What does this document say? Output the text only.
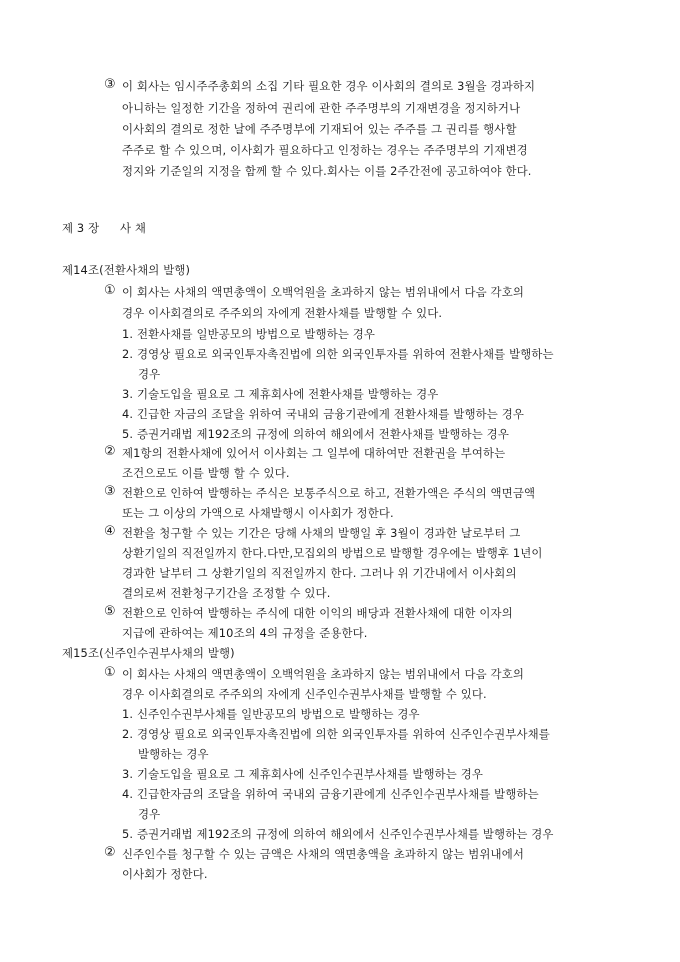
③ 이 회사는 임시주주총회의 소집 기타 필요한 경우 이사회의 결의로 3월을 경과하지
아니하는 일정한 기간을 정하여 권리에 관한 주주명부의 기재변경을 정지하거나
이사회의 결의로 정한 날에 주주명부에 기재되어 있는 주주를 그 권리를 행사할
주주로 할 수 있으며, 이사회가 필요하다고 인정하는 경우는 주주명부의 기재변경
정지와 기준일의 지정을 함께 할 수 있다.회사는 이를 2주간전에 공고하여야 한다.
제 3 장 사 채
제14조(전환사채의 발행)
① 이 회사는 사채의 액면총액이 오백억원을 초과하지 않는 범위내에서 다음 각호의
경우 이사회결의로 주주외의 자에게 전환사채를 발행할 수 있다.
1. 전환사채를 일반공모의 방법으로 발행하는 경우
2. 경영상 필요로 외국인투자촉진법에 의한 외국인투자를 위하여 전환사채를 발행하는
경우
3. 기술도입을 필요로 그 제휴회사에 전환사채를 발행하는 경우
4. 긴급한 자금의 조달을 위하여 국내외 금융기관에게 전환사채를 발행하는 경우
5. 증권거래법 제192조의 규정에 의하여 해외에서 전환사채를 발행하는 경우
② 제1항의 전환사채에 있어서 이사회는 그 일부에 대하여만 전환권을 부여하는
조건으로도 이를 발행 할 수 있다.
③ 전환으로 인하여 발행하는 주식은 보통주식으로 하고, 전환가액은 주식의 액면금액
또는 그 이상의 가액으로 사채발행시 이사회가 정한다.
④ 전환을 청구할 수 있는 기간은 당해 사채의 발행일 후 3월이 경과한 날로부터 그
상환기일의 직전일까지 한다.다만,모집외의 방법으로 발행할 경우에는 발행후 1년이
경과한 날부터 그 상환기일의 직전일까지 한다. 그러나 위 기간내에서 이사회의
결의로써 전환청구기간을 조정할 수 있다.
⑤ 전환으로 인하여 발행하는 주식에 대한 이익의 배당과 전환사채에 대한 이자의
지급에 관하여는 제10조의 4의 규정을 준용한다.
제15조(신주인수권부사채의 발행)
① 이 회사는 사채의 액면총액이 오백억원을 초과하지 않는 범위내에서 다음 각호의
경우 이사회결의로 주주외의 자에게 신주인수권부사채를 발행할 수 있다.
1. 신주인수권부사채를 일반공모의 방법으로 발행하는 경우
2. 경영상 필요로 외국인투자촉진법에 의한 외국인투자를 위하여 신주인수권부사채를
발행하는 경우
3. 기술도입을 필요로 그 제휴회사에 신주인수권부사채를 발행하는 경우
4. 긴급한자금의 조달을 위하여 국내외 금융기관에게 신주인수권부사채를 발행하는
경우
5. 증권거래법 제192조의 규정에 의하여 해외에서 신주인수권부사채를 발행하는 경우
② 신주인수를 청구할 수 있는 금액은 사채의 액면총액을 초과하지 않는 범위내에서
이사회가 정한다.
